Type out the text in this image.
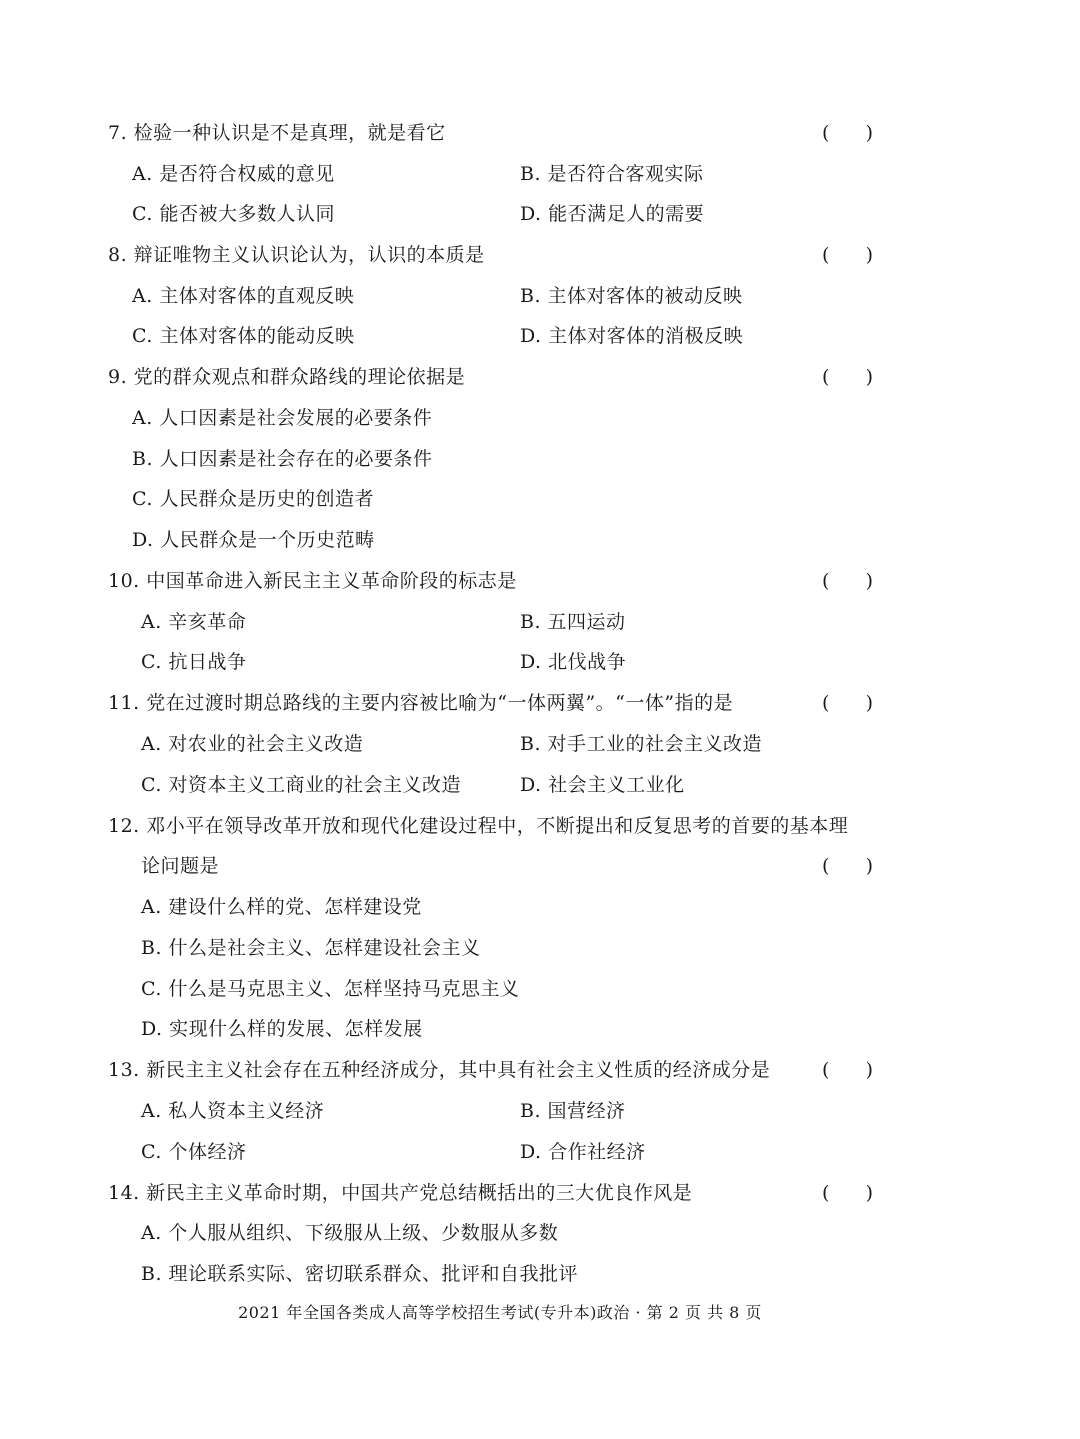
7. 检验一种认识是不是真理，就是看它	(      )
A. 是否符合权威的意见	B. 是否符合客观实际
C. 能否被大多数人认同	D. 能否满足人的需要
8. 辩证唯物主义认识论认为，认识的本质是	(      )
A. 主体对客体的直观反映	B. 主体对客体的被动反映
C. 主体对客体的能动反映	D. 主体对客体的消极反映
9. 党的群众观点和群众路线的理论依据是	(      )
A. 人口因素是社会发展的必要条件
B. 人口因素是社会存在的必要条件
C. 人民群众是历史的创造者
D. 人民群众是一个历史范畴
10. 中国革命进入新民主主义革命阶段的标志是	(      )
A. 辛亥革命	B. 五四运动
C. 抗日战争	D. 北伐战争
11. 党在过渡时期总路线的主要内容被比喻为“一体两翼”。“一体”指的是	(      )
A. 对农业的社会主义改造	B. 对手工业的社会主义改造
C. 对资本主义工商业的社会主义改造	D. 社会主义工业化
12. 邓小平在领导改革开放和现代化建设过程中，不断提出和反复思考的首要的基本理
论问题是	(      )
A. 建设什么样的党、怎样建设党
B. 什么是社会主义、怎样建设社会主义
C. 什么是马克思主义、怎样坚持马克思主义
D. 实现什么样的发展、怎样发展
13. 新民主主义社会存在五种经济成分，其中具有社会主义性质的经济成分是	(      )
A. 私人资本主义经济	B. 国营经济
C. 个体经济	D. 合作社经济
14. 新民主主义革命时期，中国共产党总结概括出的三大优良作风是	(      )
A. 个人服从组织、下级服从上级、少数服从多数
B. 理论联系实际、密切联系群众、批评和自我批评
2021 年全国各类成人高等学校招生考试(专升本)政治 · 第 2 页 共 8 页
